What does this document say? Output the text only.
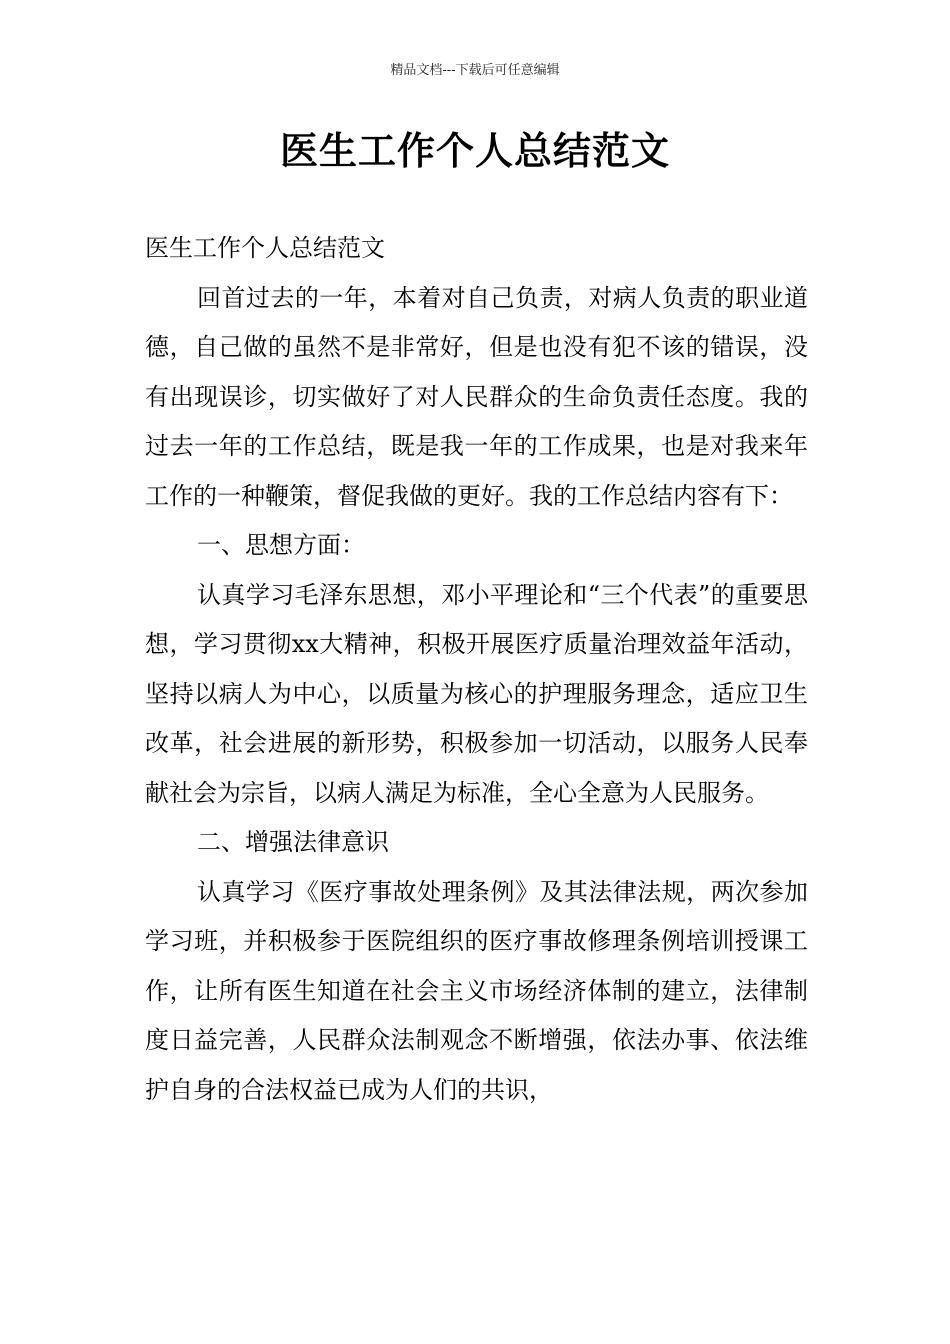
精品文档---下载后可任意编辑
医生工作个人总结范文

医生工作个人总结范文

回首过去的一年，本着对自己负责，对病人负责的职业道德，自己做的虽然不是非常好，但是也没有犯不该的错误，没有出现误诊，切实做好了对人民群众的生命负责任态度。我的过去一年的工作总结，既是我一年的工作成果，也是对我来年工作的一种鞭策，督促我做的更好。我的工作总结内容有下：

一、思想方面：

认真学习毛泽东思想，邓小平理论和“三个代表”的重要思想，学习贯彻xx大精神，积极开展医疗质量治理效益年活动，坚持以病人为中心，以质量为核心的护理服务理念，适应卫生改革，社会进展的新形势，积极参加一切活动，以服务人民奉献社会为宗旨，以病人满足为标准，全心全意为人民服务。

二、增强法律意识

认真学习《医疗事故处理条例》及其法律法规，两次参加学习班，并积极参于医院组织的医疗事故修理条例培训授课工作，让所有医生知道在社会主义市场经济体制的建立，法律制度日益完善，人民群众法制观念不断增强，依法办事、依法维护自身的合法权益已成为人们的共识，
